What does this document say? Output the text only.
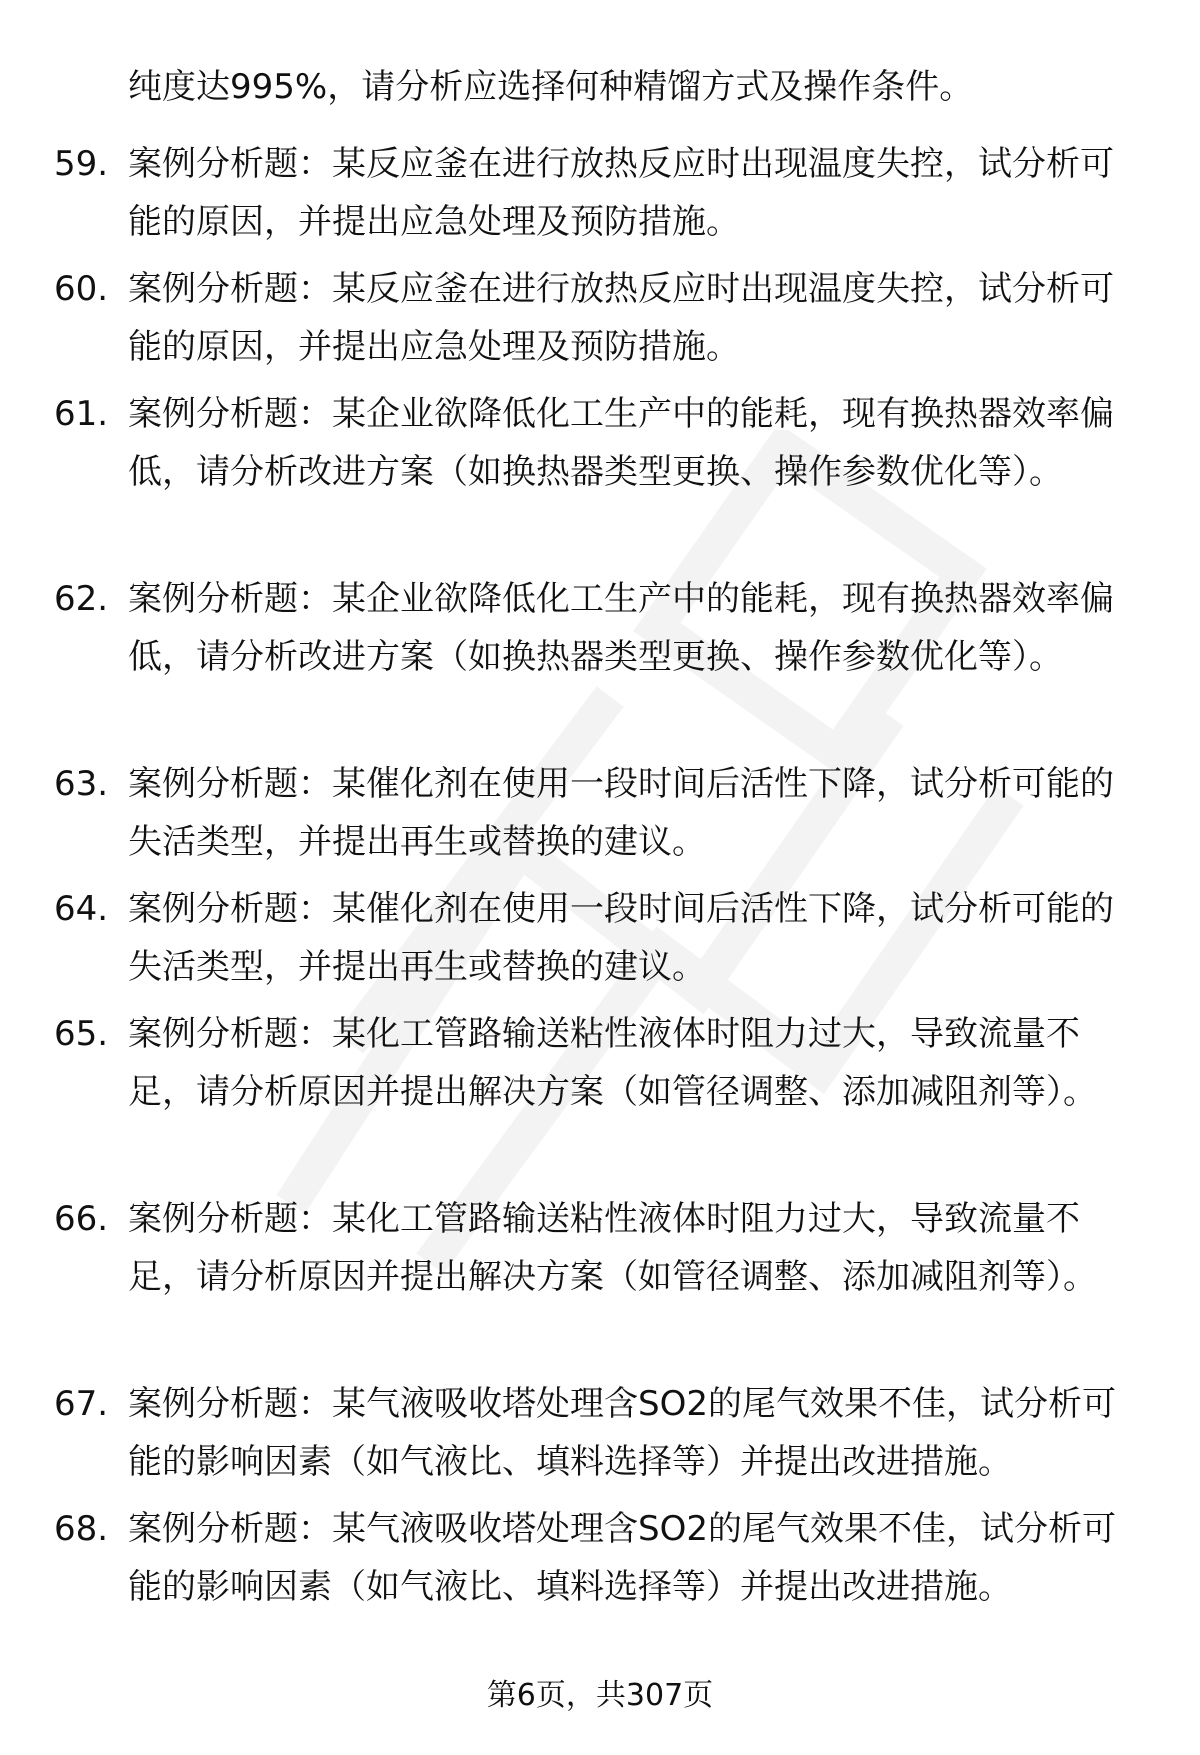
纯度达995%，请分析应选择何种精馏方式及操作条件。
59. 案例分析题：某反应釜在进行放热反应时出现温度失控，试分析可能的原因，并提出应急处理及预防措施。
60. 案例分析题：某反应釜在进行放热反应时出现温度失控，试分析可能的原因，并提出应急处理及预防措施。
61. 案例分析题：某企业欲降低化工生产中的能耗，现有换热器效率偏低，请分析改进方案（如换热器类型更换、操作参数优化等）。
62. 案例分析题：某企业欲降低化工生产中的能耗，现有换热器效率偏低，请分析改进方案（如换热器类型更换、操作参数优化等）。
63. 案例分析题：某催化剂在使用一段时间后活性下降，试分析可能的失活类型，并提出再生或替换的建议。
64. 案例分析题：某催化剂在使用一段时间后活性下降，试分析可能的失活类型，并提出再生或替换的建议。
65. 案例分析题：某化工管路输送粘性液体时阻力过大，导致流量不足，请分析原因并提出解决方案（如管径调整、添加减阻剂等）。
66. 案例分析题：某化工管路输送粘性液体时阻力过大，导致流量不足，请分析原因并提出解决方案（如管径调整、添加减阻剂等）。
67. 案例分析题：某气液吸收塔处理含SO2的尾气效果不佳，试分析可能的影响因素（如气液比、填料选择等）并提出改进措施。
68. 案例分析题：某气液吸收塔处理含SO2的尾气效果不佳，试分析可能的影响因素（如气液比、填料选择等）并提出改进措施。
第6页，共307页
